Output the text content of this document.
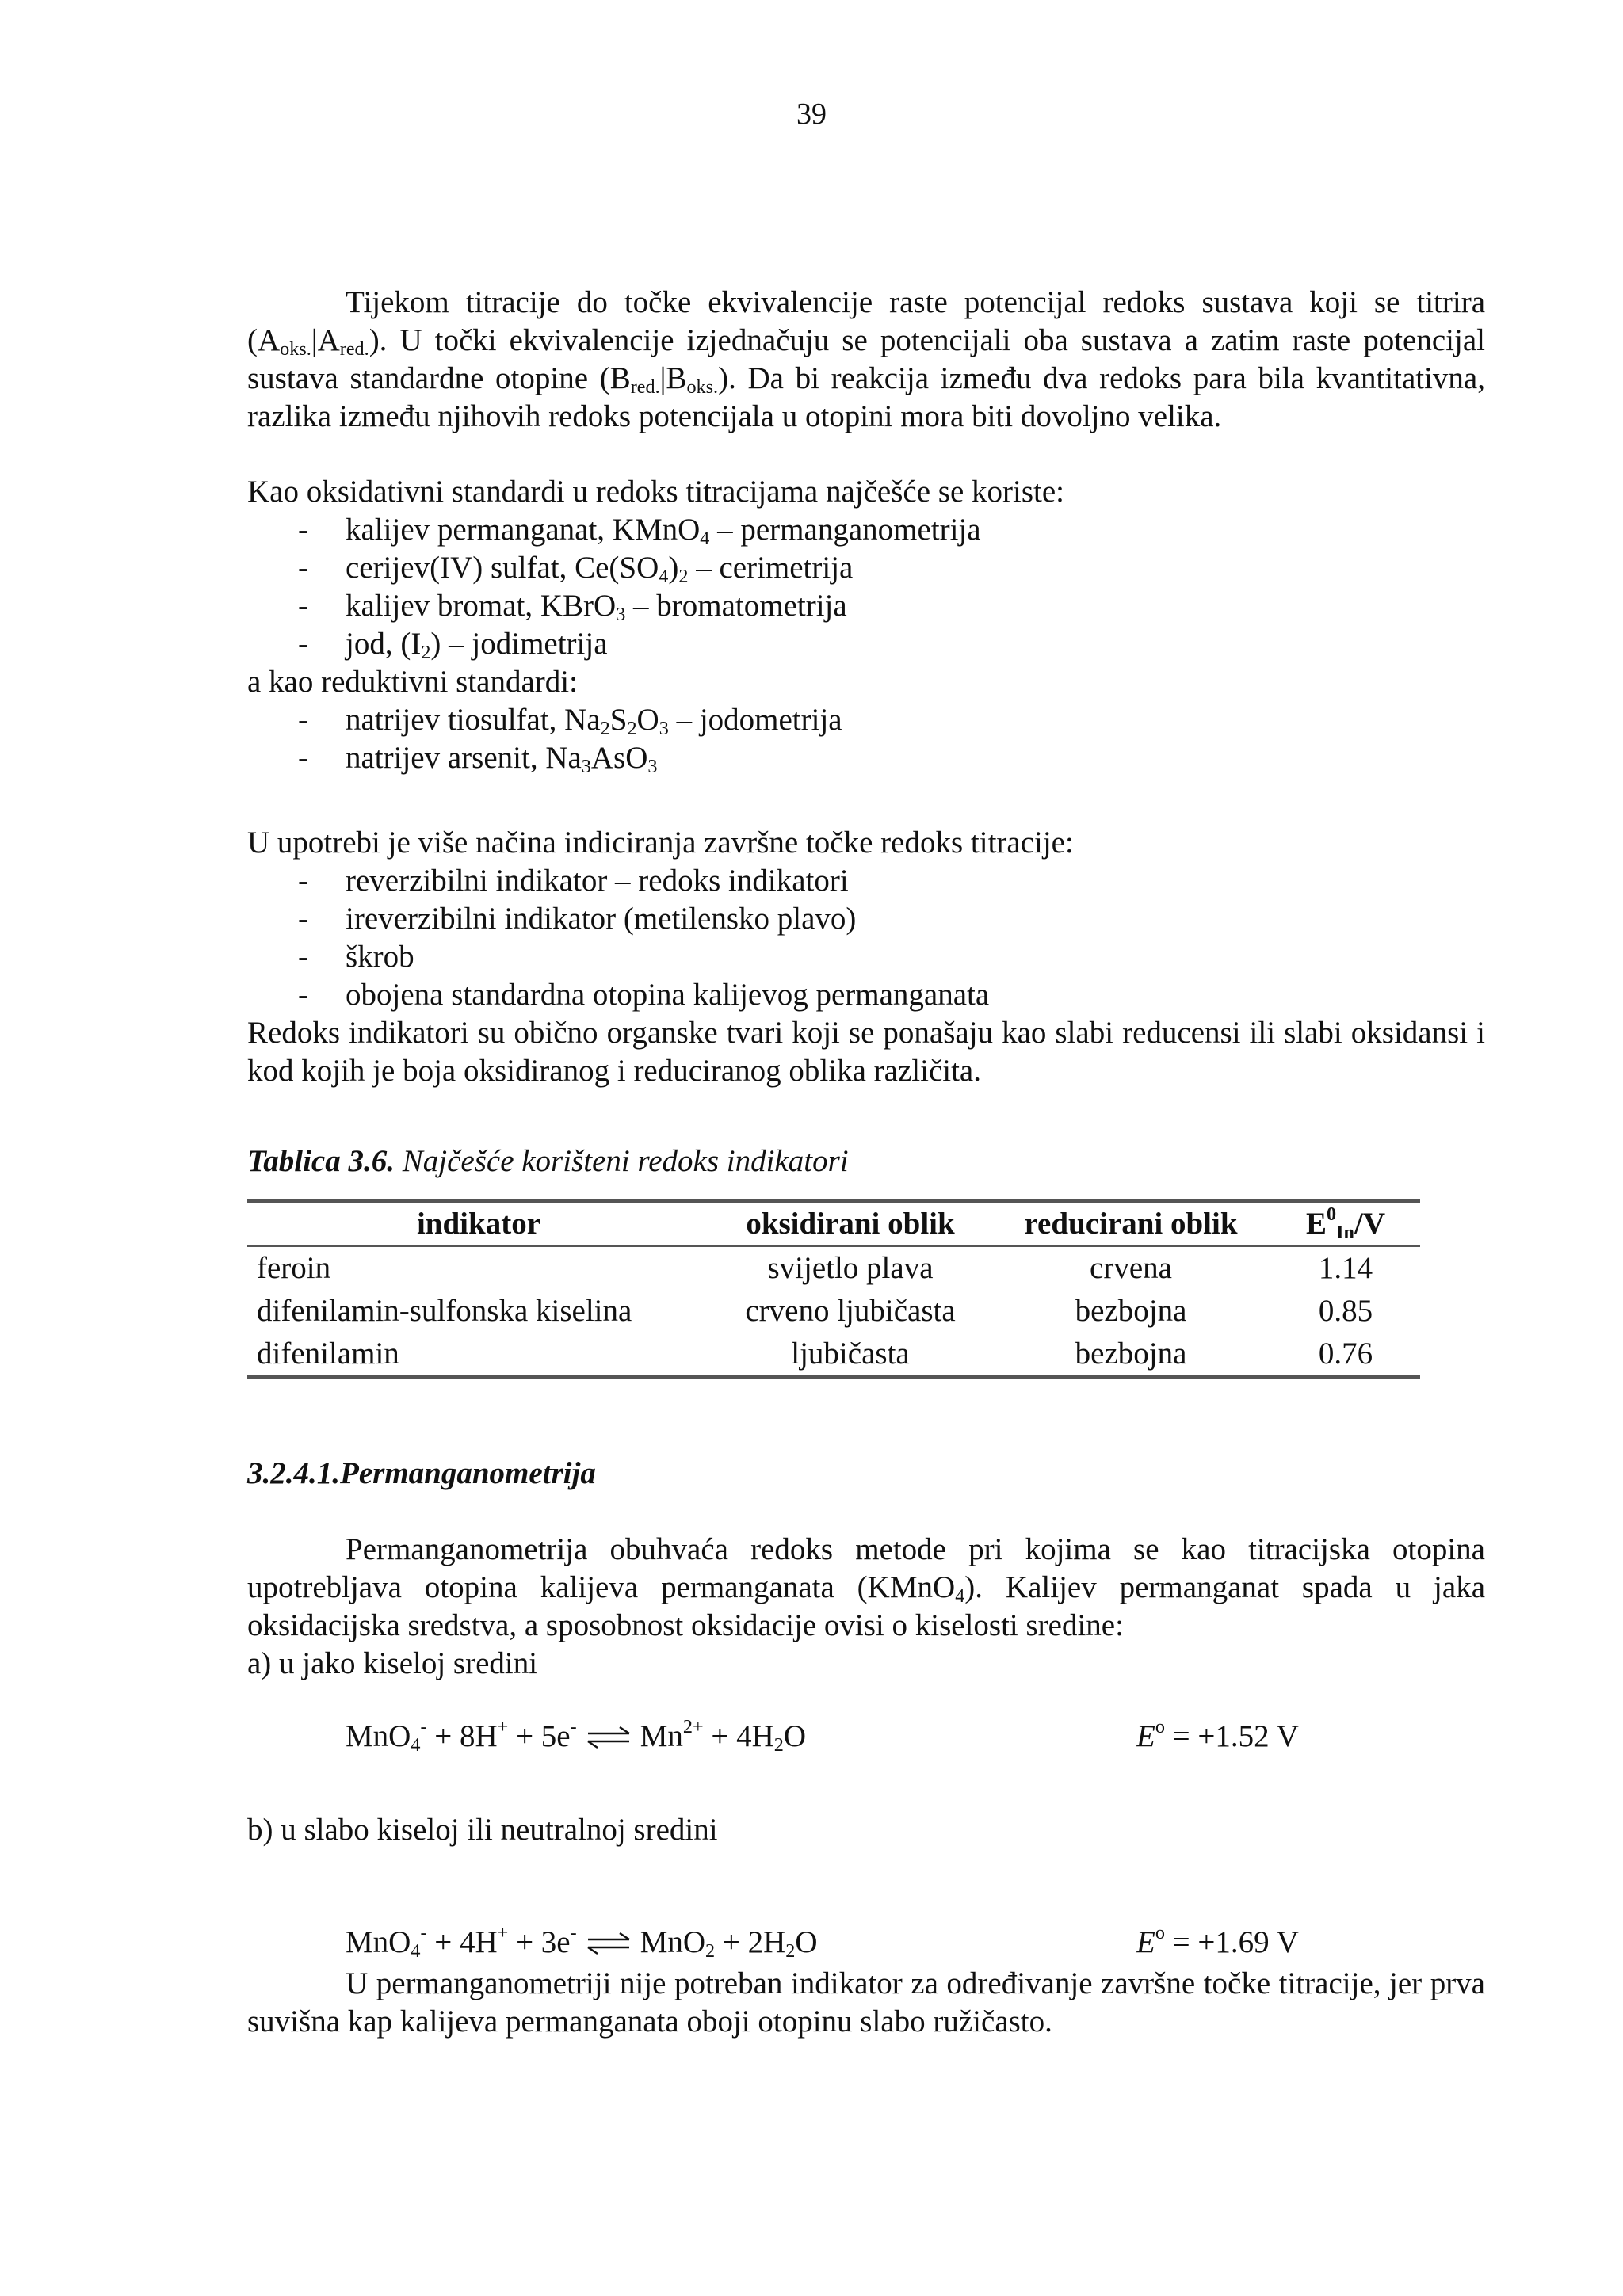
39

Tijekom titracije do točke ekvivalencije raste potencijal redoks sustava koji se titrira $(A_{oks.}|A_{red.})$. U točki ekvivalencije izjednačuju se potencijali oba sustava a zatim raste potencijal sustava standardne otopine $(B_{red.}|B_{oks.})$. Da bi reakcija između dva redoks para bila kvantitativna, razlika između njihovih redoks potencijala u otopini mora biti dovoljno velika.

Kao oksidativni standardi u redoks titracijama najčešće se koriste:

- kalijev permanganat, KMnO$_4$ – permanganometrija
- cerijev(IV) sulfat, $Ce(SO_4)_2$ – cerimetrija
- kalijev bromat, KBrO$_3$ – bromatometrija
- jod, $(I_2)$ – jodimetrija

a kao reduktivni standardi:

- natrijev tiosulfat, $Na_2S_2O_3$ – jodometrija
- natrijev arsenit, $Na_3AsO_3$

U upotrebi je više načina indiciranja završne točke redoks titracije:

- reverzibilni indikator – redoks indikatori
- ireverzibilni indikator (metilensko plavo)
- škrob
- obojena standardna otopina kalijevog permanganata

Redoks indikatori su obično organske tvari koji se ponašaju kao slabi reducensi ili slabi oksidansi i kod kojih je boja oksidiranog i reduciranog oblika različita.

Tablica 3.6. Najčešće korišteni redoks indikatori

indikator	oksidirani oblik	reducirani oblik	$E^0_{In}/V$
feroin	svijetlo plava	crvena	1.14
difenilamin-sulfonska kiselina	crveno ljubičasta	bezbojna	0.85
difenilamin	ljubičasta	bezbojna	0.76

3.2.4.1.Permanganometrija

Permanganometrija obuhvaća redoks metode pri kojima se kao titracijska otopina upotrebljava otopina kalijeva permanganata (KMnO$_4$). Kalijev permanganat spada u jaka oksidacijska sredstva, a sposobnost oksidacije ovisi o kiselosti sredine:

a) u jako kiseloj sredini

MnO$_4$- + 8H+ + 5e- ⇌ $Mn^{2+} + 4H_2O$	$E^o = +1.52$ V

b) u slabo kiseloj ili neutralnoj sredini

MnO$_4$- + 4H+ + 3e- ⇌ $MnO_2 + 2H_2O$	$E^o = +1.69$ V

U permanganometriji nije potreban indikator za određivanje završne točke titracije, jer prva suvišna kap kalijeva permanganata oboji otopinu slabo ružičasto.
